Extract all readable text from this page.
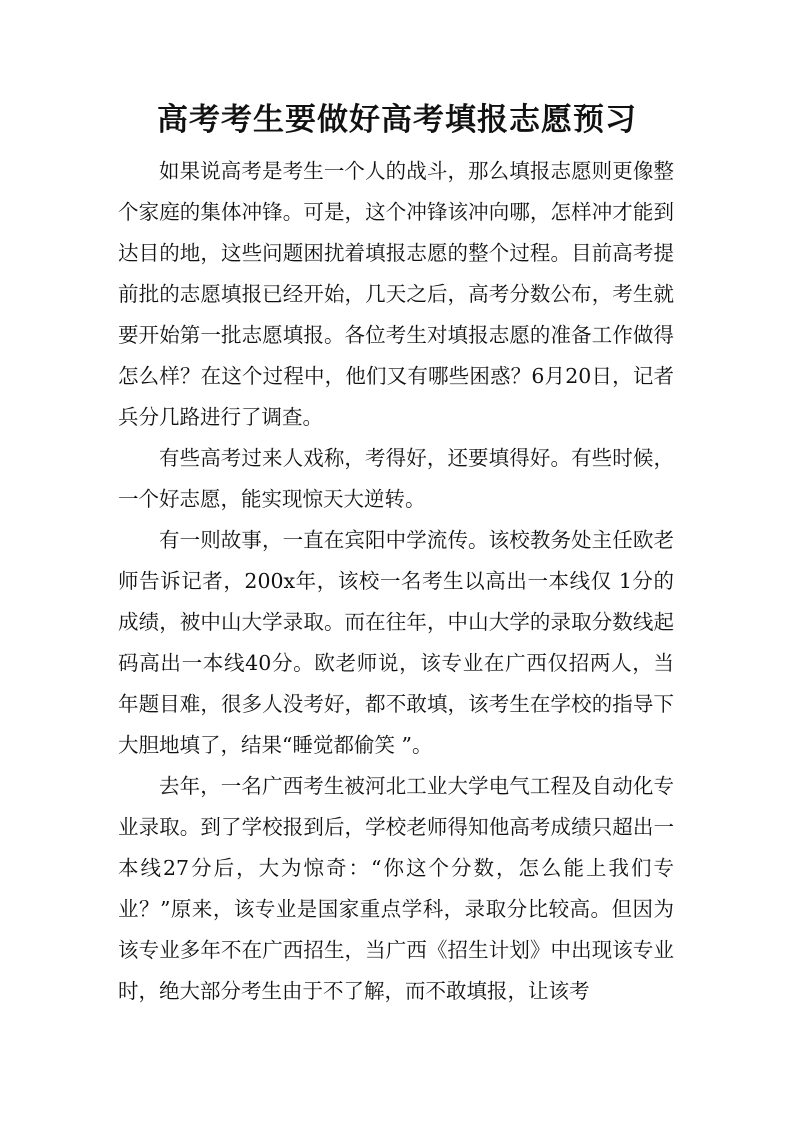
高考考生要做好高考填报志愿预习

如果说高考是考生一个人的战斗，那么填报志愿则更像整个家庭的集体冲锋。可是，这个冲锋该冲向哪，怎样冲才能到达目的地，这些问题困扰着填报志愿的整个过程。目前高考提前批的志愿填报已经开始，几天之后，高考分数公布，考生就要开始第一批志愿填报。各位考生对填报志愿的准备工作做得怎么样？在这个过程中，他们又有哪些困惑？6月20日，记者兵分几路进行了调查。

有些高考过来人戏称，考得好，还要填得好。有些时候，一个好志愿，能实现惊天大逆转。

有一则故事，一直在宾阳中学流传。该校教务处主任欧老师告诉记者，200x年，该校一名考生以高出一本线仅 1分的成绩，被中山大学录取。而在往年，中山大学的录取分数线起码高出一本线40分。欧老师说，该专业在广西仅招两人，当年题目难，很多人没考好，都不敢填，该考生在学校的指导下大胆地填了，结果“睡觉都偷笑 ”。

去年，一名广西考生被河北工业大学电气工程及自动化专业录取。到了学校报到后，学校老师得知他高考成绩只超出一本线27分后，大为惊奇：“你这个分数，怎么能上我们专业？”原来，该专业是国家重点学科，录取分比较高。但因为该专业多年不在广西招生，当广西《招生计划》中出现该专业时，绝大部分考生由于不了解，而不敢填报，让该考
